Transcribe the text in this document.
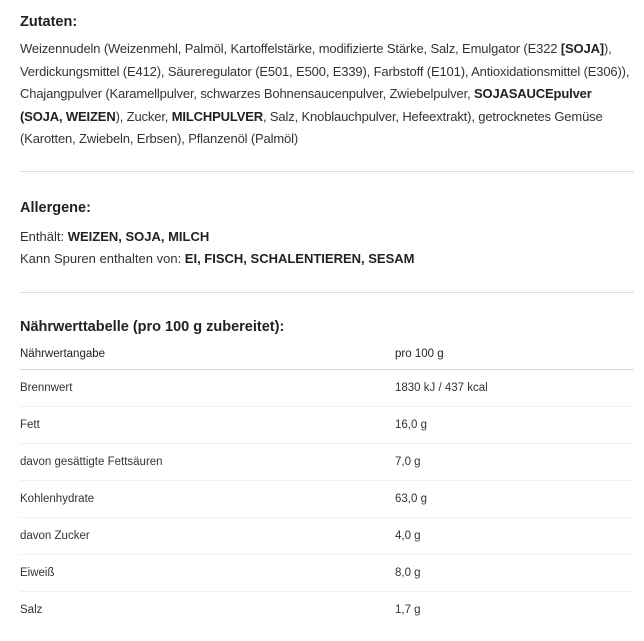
Zutaten:
Weizennudeln (Weizenmehl, Palmöl, Kartoffelstärke, modifizierte Stärke, Salz, Emulgator (E322 [SOJA]), Verdickungsmittel (E412), Säureregulator (E501, E500, E339), Farbstoff (E101), Antioxidationsmittel (E306)), Chajangpulver (Karamellpulver, schwarzes Bohnensaucenpulver, Zwiebelpulver, SOJASAUCEpulver (SOJA, WEIZEN), Zucker, MILCHPULVER, Salz, Knoblauchpulver, Hefeextrakt), getrocknetes Gemüse (Karotten, Zwiebeln, Erbsen), Pflanzenöl (Palmöl)
Allergene:
Enthält: WEIZEN, SOJA, MILCH
Kann Spuren enthalten von: EI, FISCH, SCHALENTIEREN, SESAM
Nährwerttabelle (pro 100 g zubereitet):
Nährwertangabe	pro 100 g
Brennwert	1830 kJ / 437 kcal
Fett	16,0 g
davon gesättigte Fettsäuren	7,0 g
Kohlenhydrate	63,0 g
davon Zucker	4,0 g
Eiweiß	8,0 g
Salz	1,7 g
